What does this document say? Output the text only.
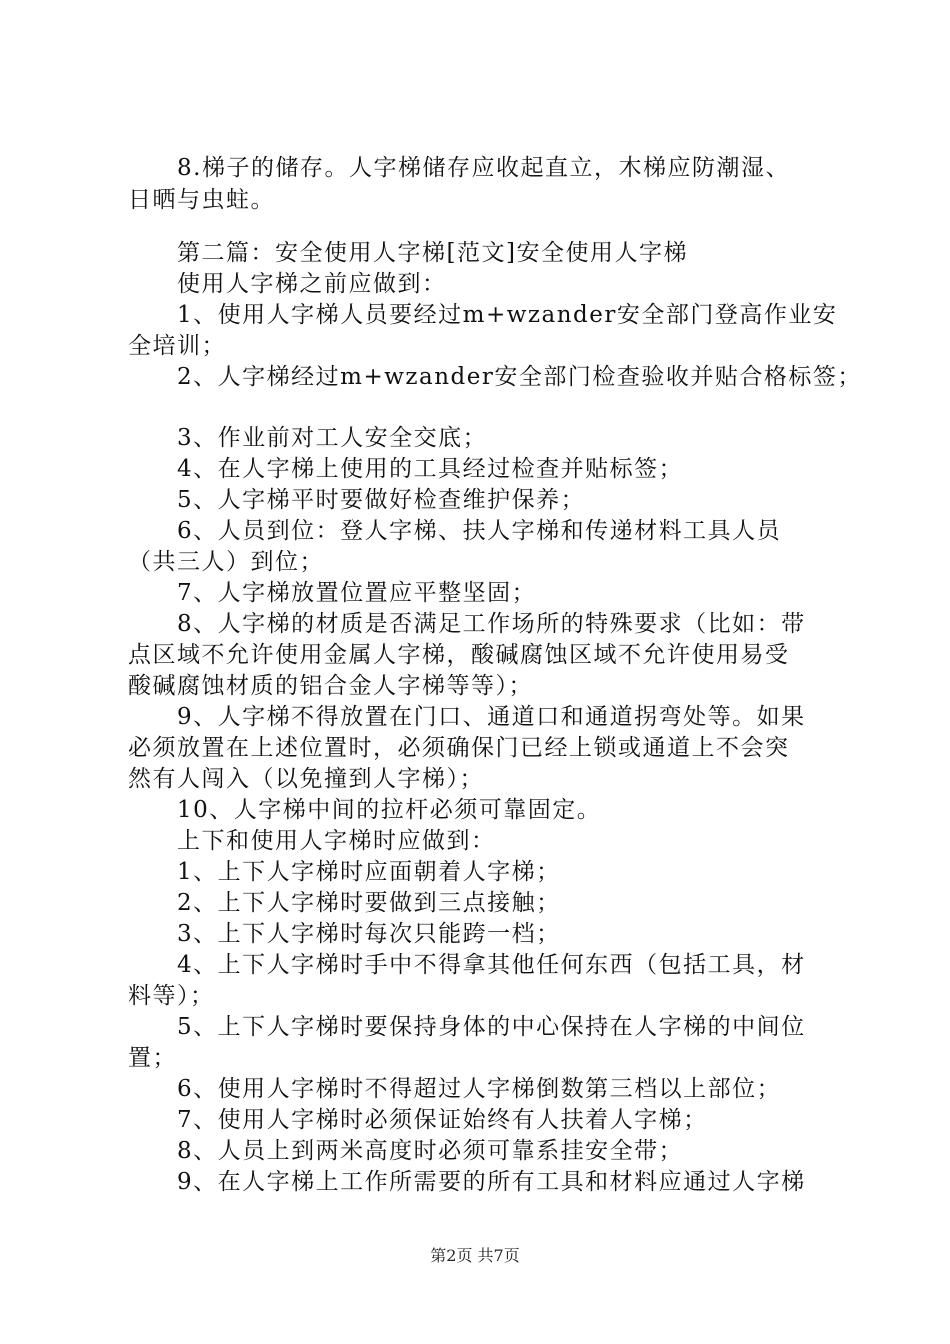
8.梯子的储存。人字梯储存应收起直立，木梯应防潮湿、
日晒与虫蛀。
第二篇：安全使用人字梯[范文]安全使用人字梯
使用人字梯之前应做到：
1、使用人字梯人员要经过m+wzander安全部门登高作业安
全培训；
2、人字梯经过m+wzander安全部门检查验收并贴合格标签；
3、作业前对工人安全交底；
4、在人字梯上使用的工具经过检查并贴标签；
5、人字梯平时要做好检查维护保养；
6、人员到位：登人字梯、扶人字梯和传递材料工具人员
（共三人）到位；
7、人字梯放置位置应平整坚固；
8、人字梯的材质是否满足工作场所的特殊要求（比如：带
点区域不允许使用金属人字梯，酸碱腐蚀区域不允许使用易受
酸碱腐蚀材质的铝合金人字梯等等）；
9、人字梯不得放置在门口、通道口和通道拐弯处等。如果
必须放置在上述位置时，必须确保门已经上锁或通道上不会突
然有人闯入（以免撞到人字梯）；
10、人字梯中间的拉杆必须可靠固定。
上下和使用人字梯时应做到：
1、上下人字梯时应面朝着人字梯；
2、上下人字梯时要做到三点接触；
3、上下人字梯时每次只能跨一档；
4、上下人字梯时手中不得拿其他任何东西（包括工具，材
料等）；
5、上下人字梯时要保持身体的中心保持在人字梯的中间位
置；
6、使用人字梯时不得超过人字梯倒数第三档以上部位；
7、使用人字梯时必须保证始终有人扶着人字梯；
8、人员上到两米高度时必须可靠系挂安全带；
9、在人字梯上工作所需要的所有工具和材料应通过人字梯
第2页 共7页
